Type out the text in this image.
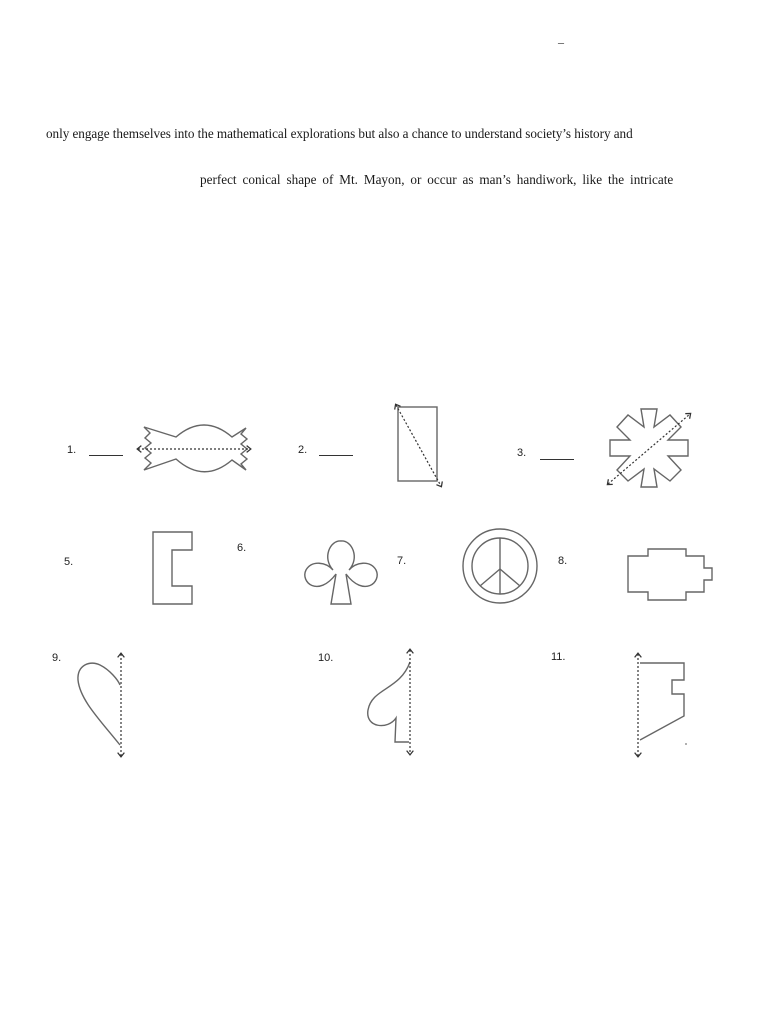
–
only engage themselves into the mathematical explorations but also a chance to understand society’s history and
perfect conical shape of Mt. Mayon, or occur as man’s handiwork, like the intricate
1.	2.	3.
5.
6.
7.	8.
9.	10.	11.
